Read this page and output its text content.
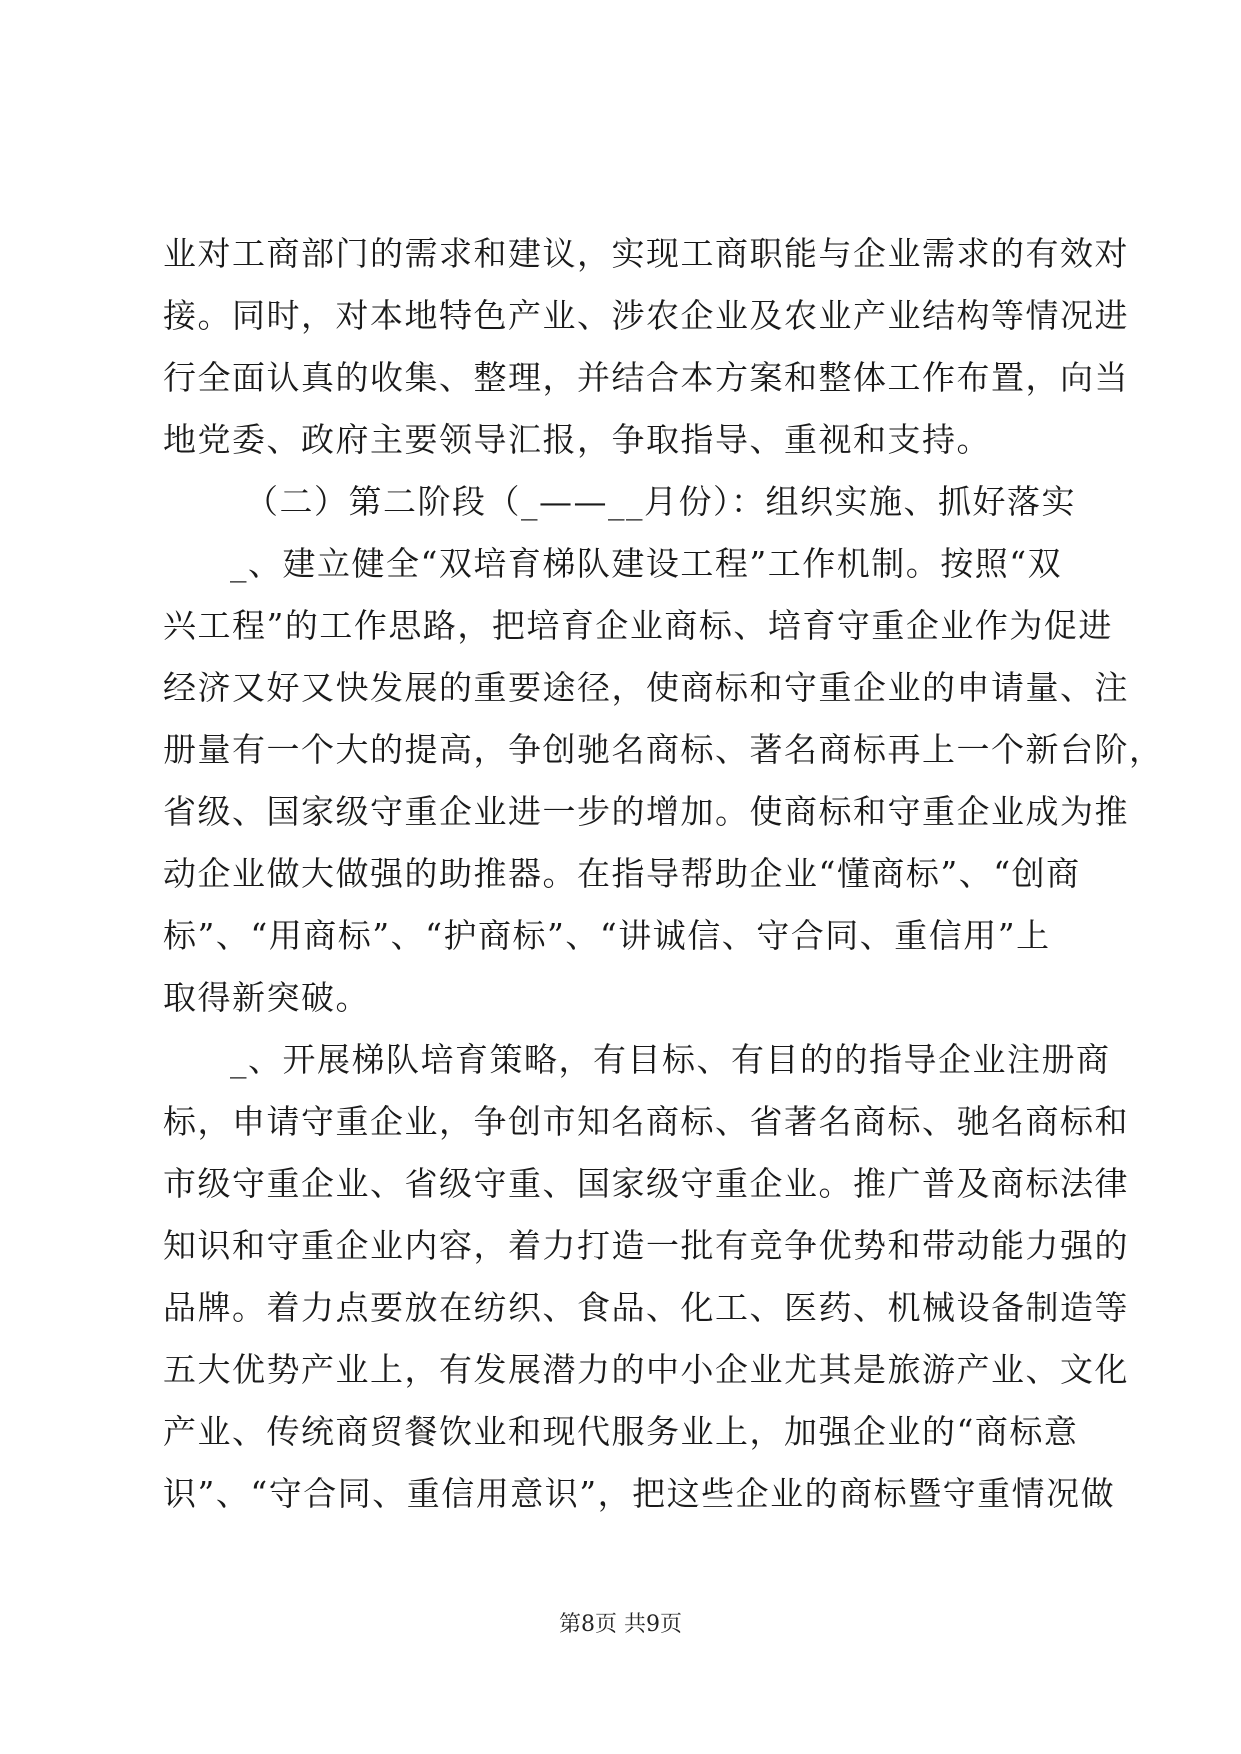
业对工商部门的需求和建议，实现工商职能与企业需求的有效对
接。同时，对本地特色产业、涉农企业及农业产业结构等情况进
行全面认真的收集、整理，并结合本方案和整体工作布置，向当
地党委、政府主要领导汇报，争取指导、重视和支持。
（二）第二阶段（_——__月份）：组织实施、抓好落实
_、建立健全“双培育梯队建设工程”工作机制。按照“双
兴工程”的工作思路，把培育企业商标、培育守重企业作为促进
经济又好又快发展的重要途径，使商标和守重企业的申请量、注
册量有一个大的提高，争创驰名商标、著名商标再上一个新台阶，
省级、国家级守重企业进一步的增加。使商标和守重企业成为推
动企业做大做强的助推器。在指导帮助企业“懂商标”、“创商
标”、“用商标”、“护商标”、“讲诚信、守合同、重信用”上
取得新突破。
_、开展梯队培育策略，有目标、有目的的指导企业注册商
标，申请守重企业，争创市知名商标、省著名商标、驰名商标和
市级守重企业、省级守重、国家级守重企业。推广普及商标法律
知识和守重企业内容，着力打造一批有竞争优势和带动能力强的
品牌。着力点要放在纺织、食品、化工、医药、机械设备制造等
五大优势产业上，有发展潜力的中小企业尤其是旅游产业、文化
产业、传统商贸餐饮业和现代服务业上，加强企业的“商标意
识”、“守合同、重信用意识”，把这些企业的商标暨守重情况做
第8页 共9页
